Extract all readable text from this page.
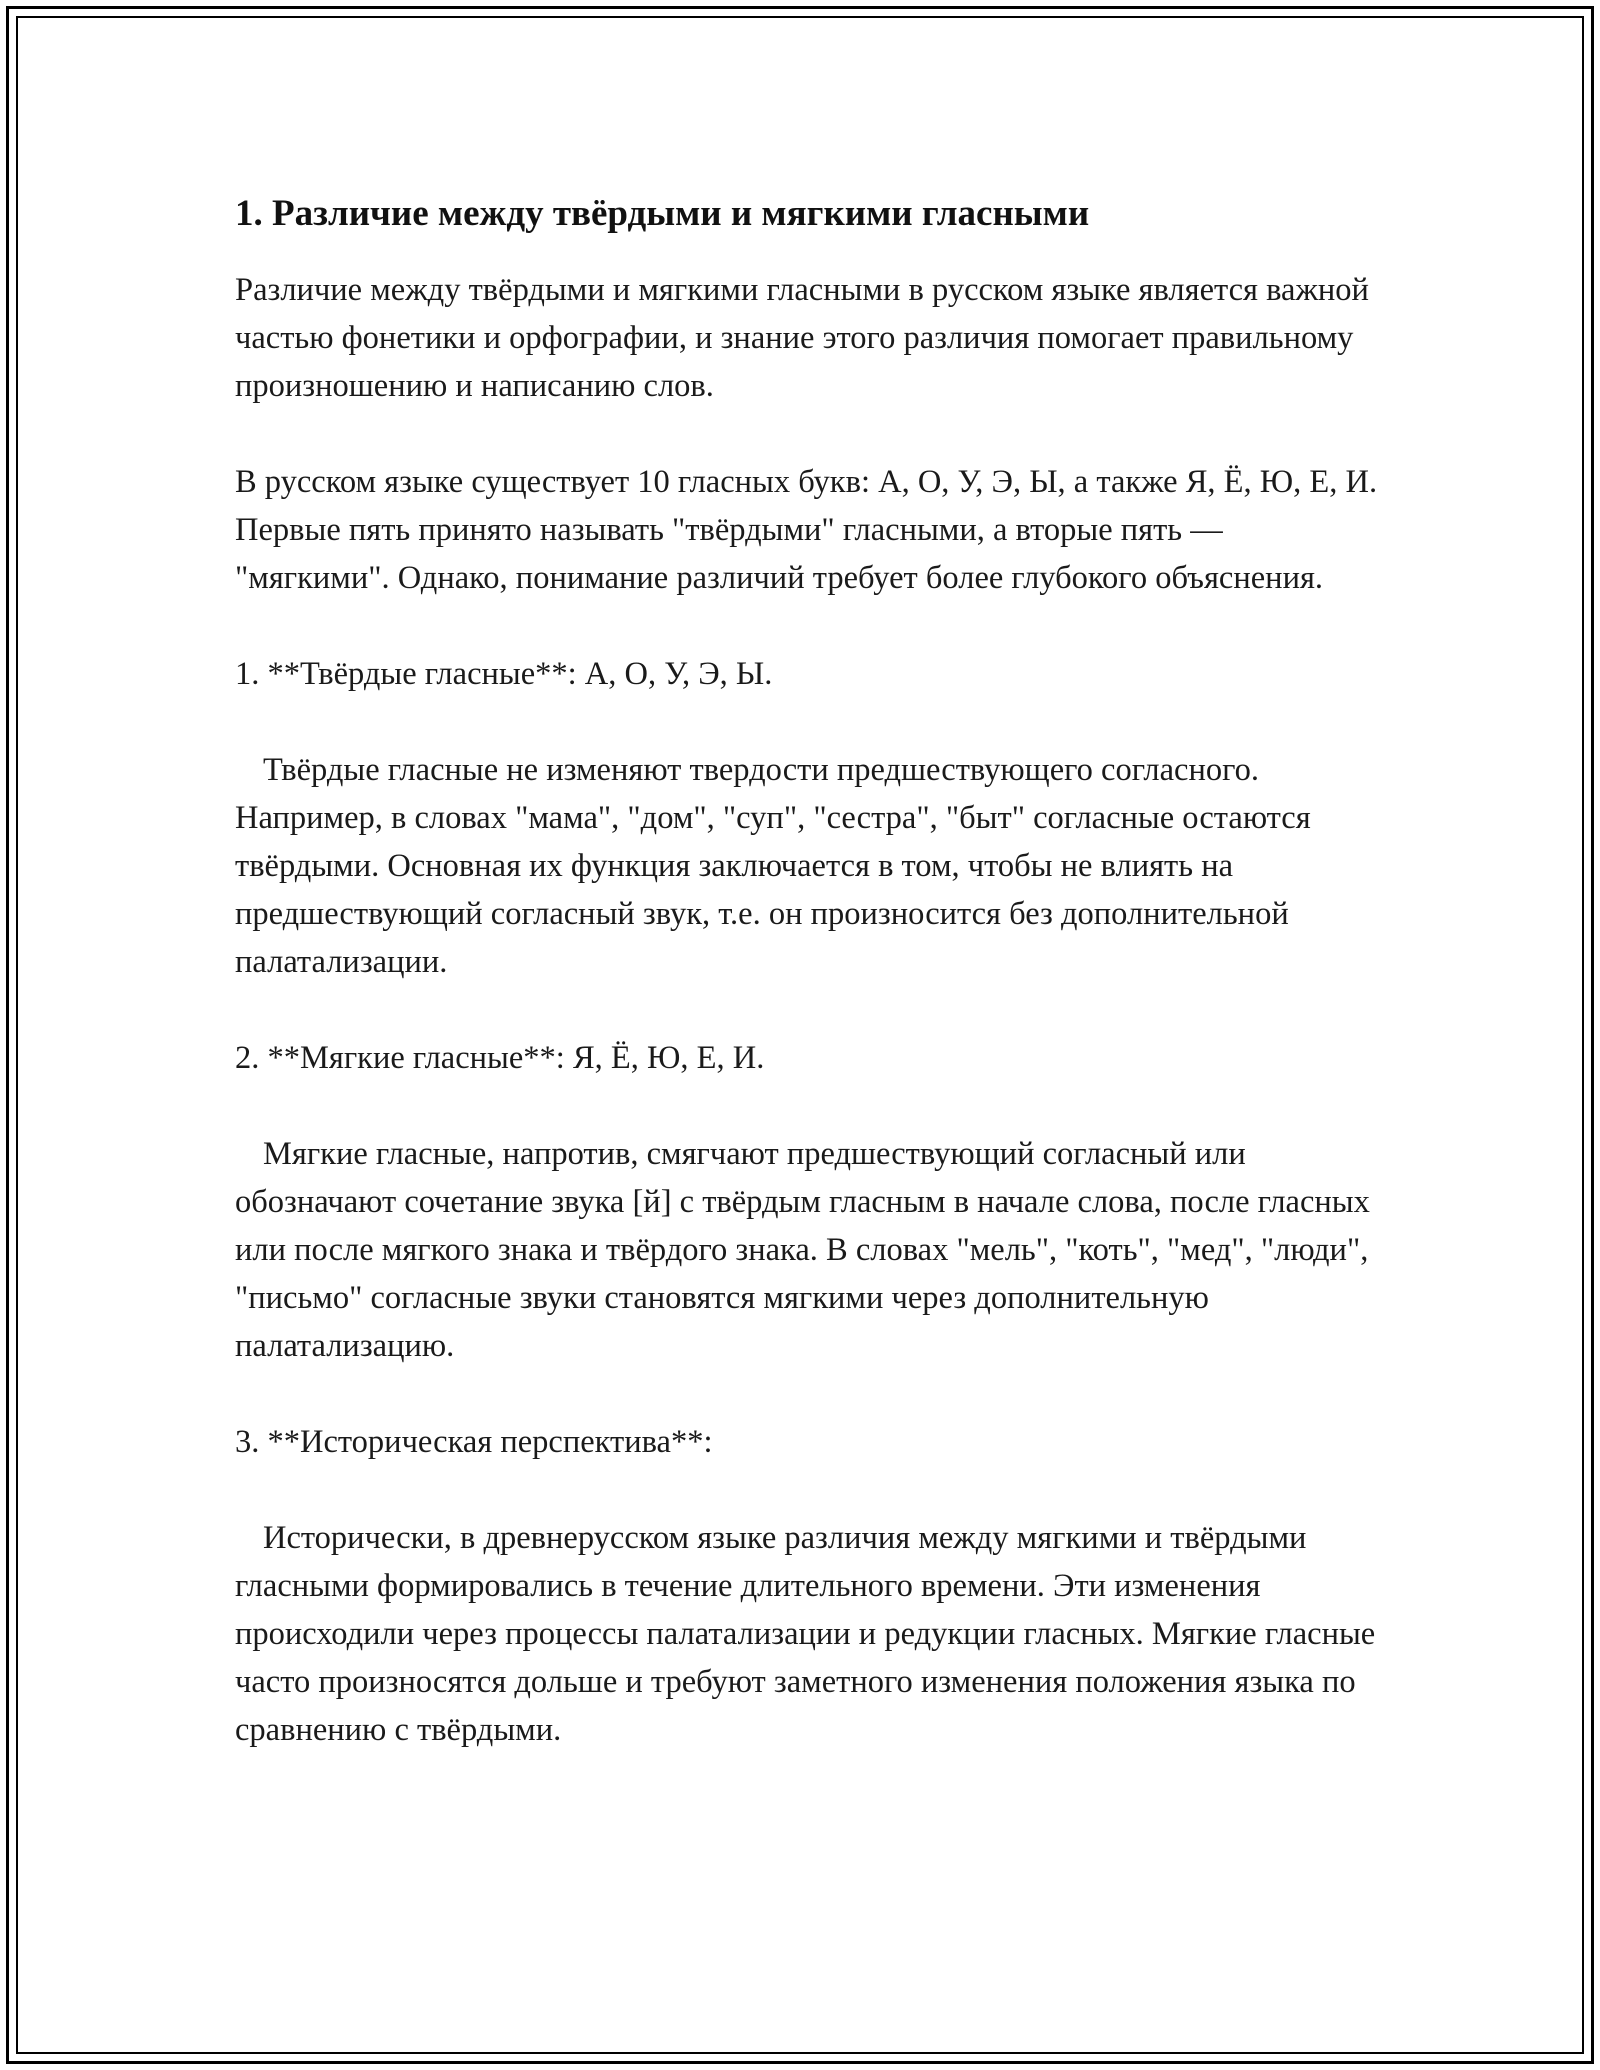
1. Различие между твёрдыми и мягкими гласными

Различие между твёрдыми и мягкими гласными в русском языке является важной частью фонетики и орфографии, и знание этого различия помогает правильному произношению и написанию слов.

В русском языке существует 10 гласных букв: А, О, У, Э, Ы, а также Я, Ё, Ю, Е, И. Первые пять принято называть "твёрдыми" гласными, а вторые пять — "мягкими". Однако, понимание различий требует более глубокого объяснения.

1. **Твёрдые гласные**: А, О, У, Э, Ы.

Твёрдые гласные не изменяют твердости предшествующего согласного. Например, в словах "мама", "дом", "суп", "сестра", "быт" согласные остаются твёрдыми. Основная их функция заключается в том, чтобы не влиять на предшествующий согласный звук, т.е. он произносится без дополнительной палатализации.

2. **Мягкие гласные**: Я, Ё, Ю, Е, И.

Мягкие гласные, напротив, смягчают предшествующий согласный или обозначают сочетание звука [й] с твёрдым гласным в начале слова, после гласных или после мягкого знака и твёрдого знака. В словах "мель", "коть", "мед", "люди", "письмо" согласные звуки становятся мягкими через дополнительную палатализацию.

3. **Историческая перспектива**:

Исторически, в древнерусском языке различия между мягкими и твёрдыми гласными формировались в течение длительного времени. Эти изменения происходили через процессы палатализации и редукции гласных. Мягкие гласные часто произносятся дольше и требуют заметного изменения положения языка по сравнению с твёрдыми.
